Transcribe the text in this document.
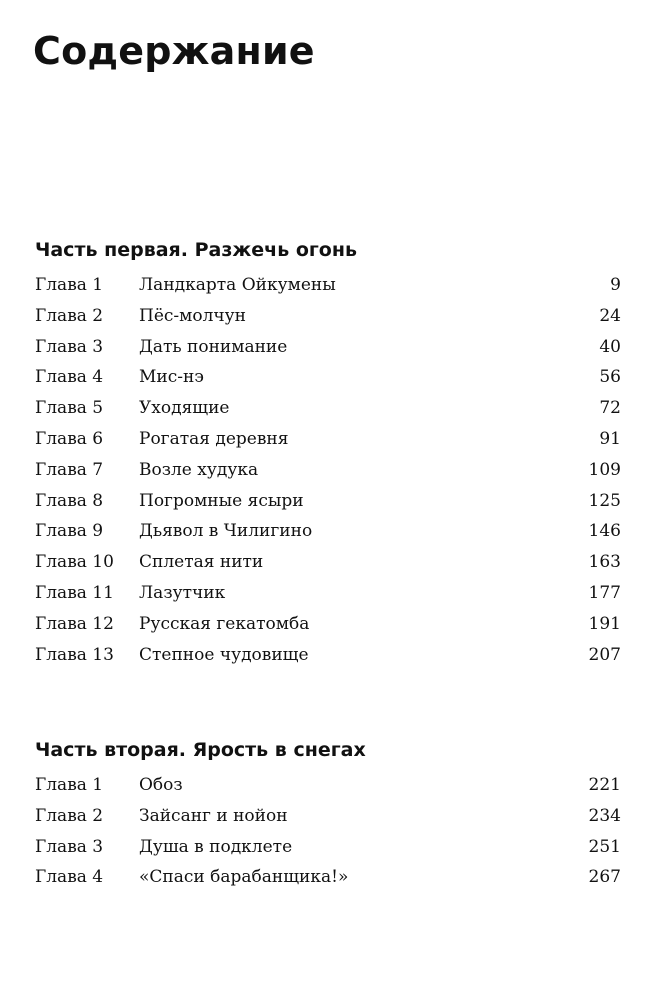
Содержание
Часть первая. Разжечь огонь
Глава 1 Ландкарта Ойкумены	9
Глава 2 Пёс-молчун	24
Глава 3 Дать понимание	40
Глава 4 Мис-нэ	56
Глава 5 Уходящие	72
Глава 6 Рогатая деревня	91
Глава 7 Возле худука	109
Глава 8 Погромные ясыри	125
Глава 9 Дьявол в Чилигино	146
Глава 10 Сплетая нити	163
Глава 11 Лазутчик	177
Глава 12 Русская гекатомба	191
Глава 13 Степное чудовище	207
Часть вторая. Ярость в снегах
Глава 1 Обоз	221
Глава 2 Зайсанг и нойон	234
Глава 3 Душа в подклете	251
Глава 4 «Спаси барабанщика!»	267
